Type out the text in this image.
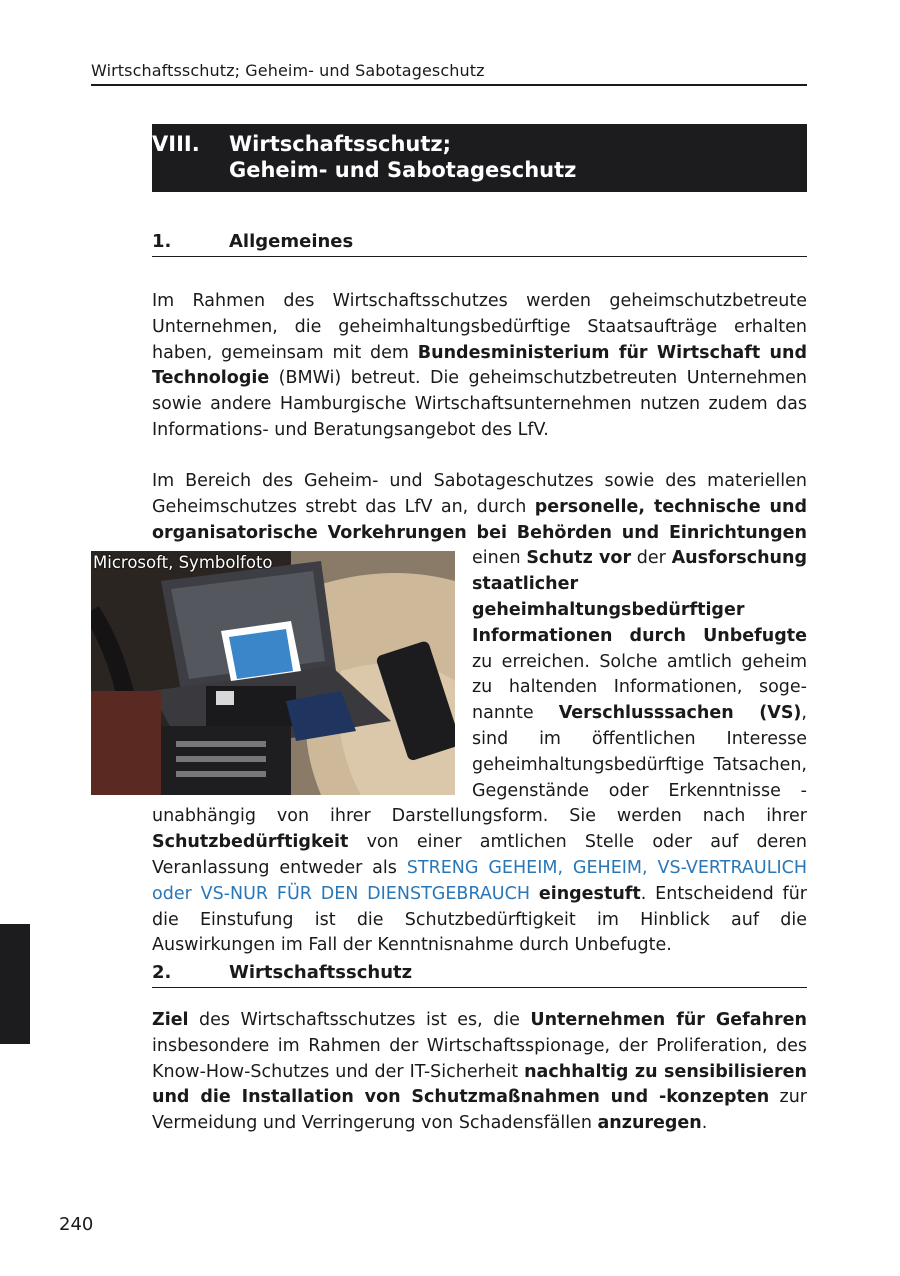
Wirtschaftsschutz; Geheim- und Sabotageschutz
VIII. Wirtschaftsschutz;
Geheim- und Sabotageschutz
1.	Allgemeines
Im Rahmen des Wirtschaftsschutzes werden geheimschutzbetreute Unternehmen, die geheimhaltungsbedürftige Staatsaufträge erhalten haben, gemeinsam mit dem Bundesministerium für Wirtschaft und Technologie (BMWi) betreut. Die geheimschutzbetreuten Unternehmen sowie andere Hamburgische Wirtschaftsunternehmen nutzen zudem das Informations- und Beratungsangebot des LfV.
Microsoft, Symbolfoto
Im Bereich des Geheim- und Sabotageschutzes sowie des materiellen Geheimschutzes strebt das LfV an, durch personelle, technische und organisatorische Vorkehrungen bei Behörden und Einrichtungen einen
Schutz vor der Ausforschung staatlicher geheimhaltungsbedürftiger Informationen durch Unbefugte zu erreichen. Solche amtlich geheim zu haltenden Informationen, sogenannte Verschlusssachen (VS), sind im öffentlichen Interesse geheimhaltungsbedürftige Tatsachen, Gegenstände oder Erkenntnisse - unabhängig von ihrer Darstellungsform. Sie werden nach ihrer Schutzbedürftigkeit von einer amtlichen Stelle oder auf deren Veranlassung entweder als STRENG GEHEIM, GEHEIM, VS-VERTRAULICH oder VS-NUR FÜR DEN DIENSTGEBRAUCH eingestuft. Entscheidend für die Einstufung ist die Schutzbedürftigkeit im Hinblick auf die Auswirkungen im Fall der Kenntnisnahme durch Unbefugte.
2.	Wirtschaftsschutz
Ziel des Wirtschaftsschutzes ist es, die Unternehmen für Gefahren insbesondere im Rahmen der Wirtschaftsspionage, der Proliferation, des Know-How-Schutzes und der IT-Sicherheit nachhaltig zu sensibilisieren und die Installation von Schutzmaßnahmen und -konzepten zur Vermeidung und Verringerung von Schadensfällen anzuregen.
240
